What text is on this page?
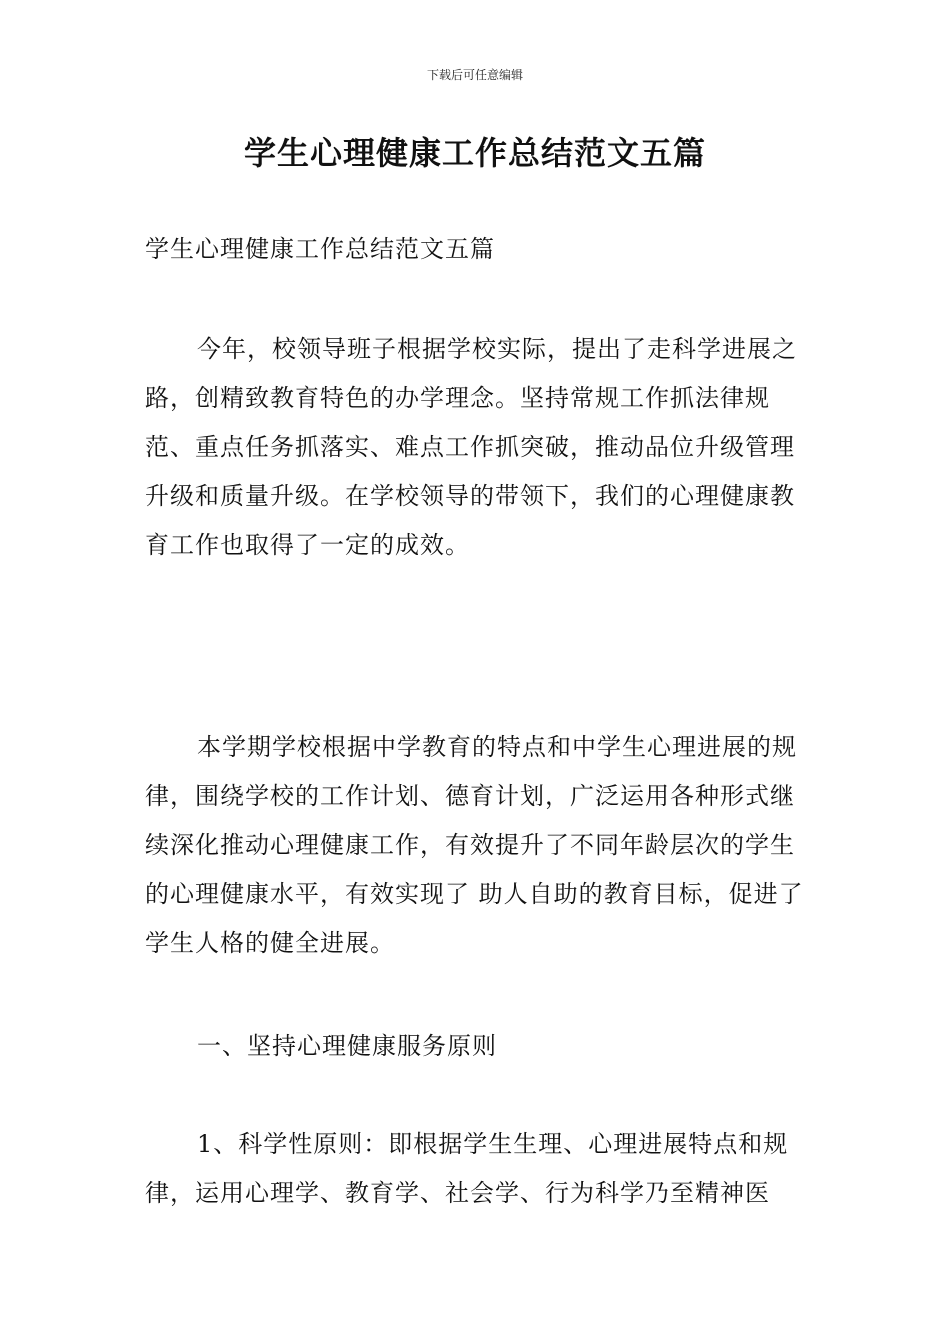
下载后可任意编辑
学生心理健康工作总结范文五篇

学生心理健康工作总结范文五篇

今年，校领导班子根据学校实际，提出了走科学进展之路，创精致教育特色的办学理念。坚持常规工作抓法律规范、重点任务抓落实、难点工作抓突破，推动品位升级管理升级和质量升级。在学校领导的带领下，我们的心理健康教育工作也取得了一定的成效。

本学期学校根据中学教育的特点和中学生心理进展的规律，围绕学校的工作计划、德育计划，广泛运用各种形式继续深化推动心理健康工作，有效提升了不同年龄层次的学生的心理健康水平，有效实现了 助人自助的教育目标，促进了学生人格的健全进展。

一、坚持心理健康服务原则

1、科学性原则：即根据学生生理、心理进展特点和规律，运用心理学、教育学、社会学、行为科学乃至精神医
